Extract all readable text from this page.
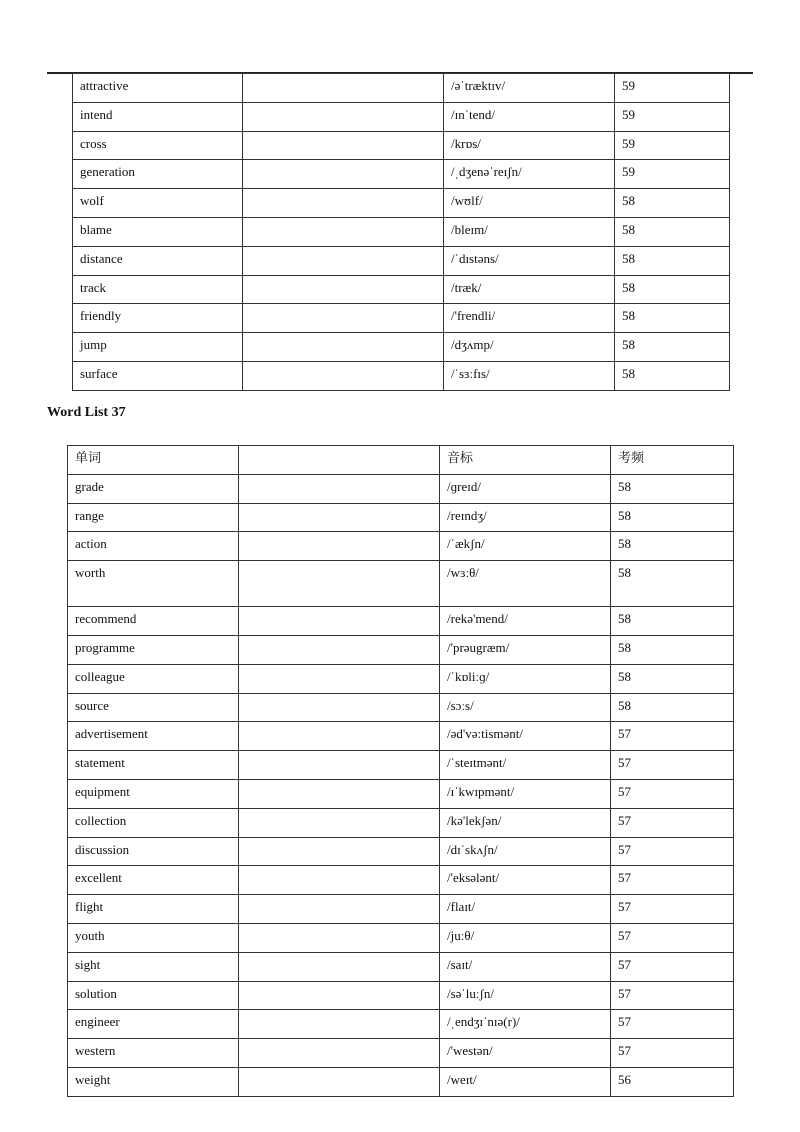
attractive		/əˈtræktɪv/	59
intend		/ɪnˈtend/	59
cross		/krɒs/	59
generation		/ˌdʒenəˈreɪʃn/	59
wolf		/wʊlf/	58
blame		/bleɪm/	58
distance		/ˈdɪstəns/	58
track		/træk/	58
friendly		/'frendli/	58
jump		/dʒʌmp/	58
surface		/ˈsɜːfɪs/	58
Word List 37
单词		音标	考频
grade		/ɡreɪd/	58
range		/reɪndʒ/	58
action		/ˈækʃn/	58
worth		/wɜːθ/	58
recommend		/rekə'mend/	58
programme		/'prəugræm/	58
colleague		/ˈkɒliːɡ/	58
source		/sɔːs/	58
advertisement		/əd'və:tismənt/	57
statement		/ˈsteɪtmənt/	57
equipment		/ɪˈkwɪpmənt/	57
collection		/kə'lekʃən/	57
discussion		/dɪˈskʌʃn/	57
excellent		/'eksələnt/	57
flight		/flaɪt/	57
youth		/juːθ/	57
sight		/saɪt/	57
solution		/səˈluːʃn/	57
engineer		/ˌendʒɪˈnɪə(r)/	57
western		/'westən/	57
weight		/weɪt/	56
